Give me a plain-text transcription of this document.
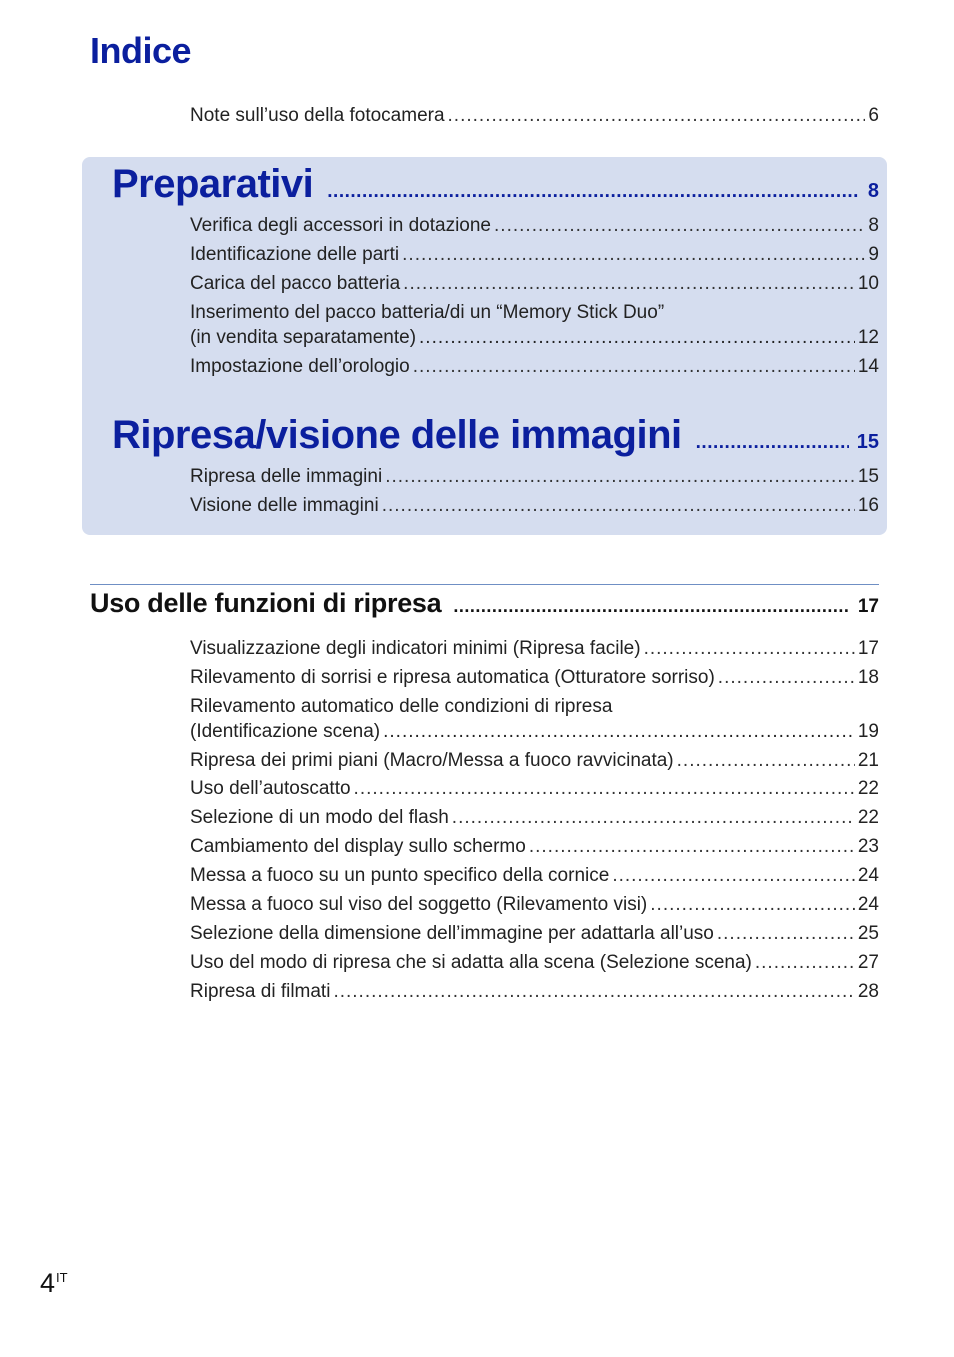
Indice
Note sull’uso della fotocamera .....	6
Preparativi .....	8
Verifica degli accessori in dotazione .....	8
Identificazione delle parti .....	9
Carica del pacco batteria .....	10
Inserimento del pacco batteria/di un “Memory Stick Duo”
(in vendita separatamente) .....	12
Impostazione dell’orologio .....	14
Ripresa/visione delle immagini .....	15
Ripresa delle immagini .....	15
Visione delle immagini .....	16
Uso delle funzioni di ripresa .....	17
Visualizzazione degli indicatori minimi (Ripresa facile) .....	17
Rilevamento di sorrisi e ripresa automatica (Otturatore sorriso) .....	18
Rilevamento automatico delle condizioni di ripresa
(Identificazione scena) .....	19
Ripresa dei primi piani (Macro/Messa a fuoco ravvicinata) .....	21
Uso dell’autoscatto .....	22
Selezione di un modo del flash .....	22
Cambiamento del display sullo schermo .....	23
Messa a fuoco su un punto specifico della cornice .....	24
Messa a fuoco sul viso del soggetto (Rilevamento visi) .....	24
Selezione della dimensione dell’immagine per adattarla all’uso .....	25
Uso del modo di ripresa che si adatta alla scena (Selezione scena) .....	27
Ripresa di filmati .....	28
$4^{IT}$
